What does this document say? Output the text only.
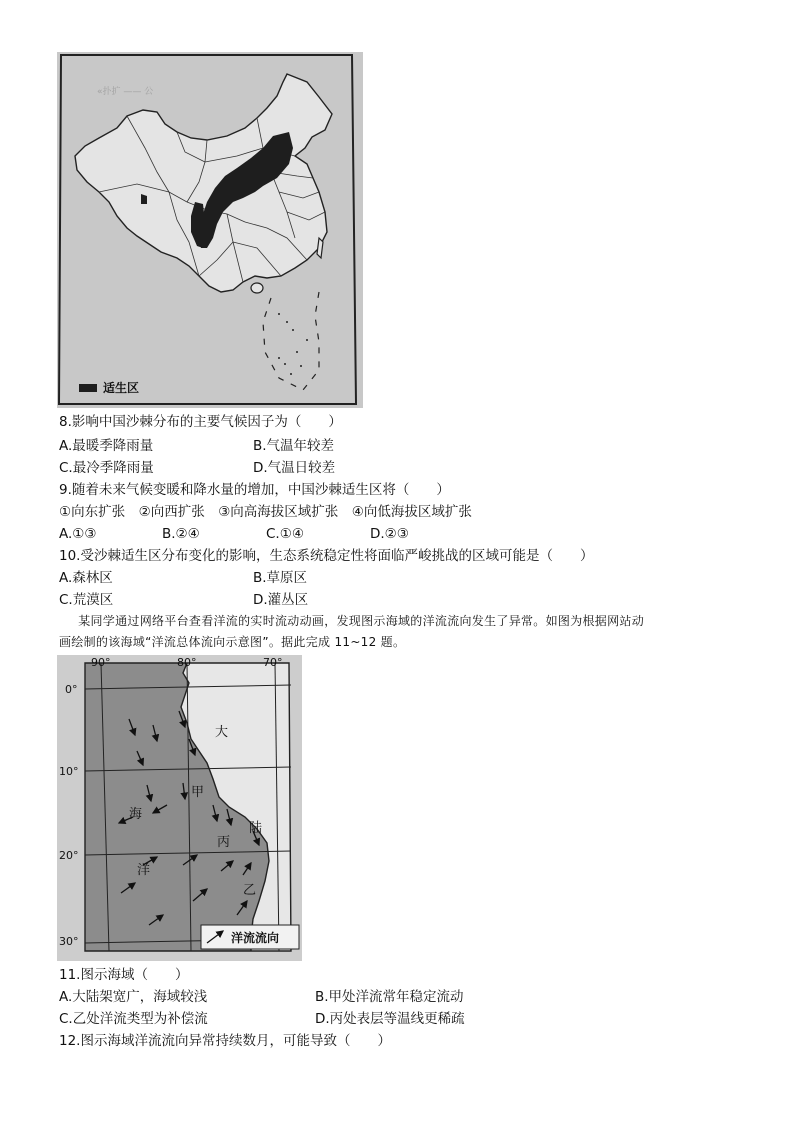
«扑扩 —— 公
适生区
8.影响中国沙棘分布的主要气候因子为（　　）
A.最暖季降雨量	B.气温年较差
C.最冷季降雨量	D.气温日较差
9.随着未来气候变暖和降水量的增加，中国沙棘适生区将（　　）
①向东扩张　②向西扩张　③向高海拔区域扩张　④向低海拔区域扩张
A.①③	B.②④	C.①④	D.②③
10.受沙棘适生区分布变化的影响，生态系统稳定性将面临严峻挑战的区域可能是（　　）
A.森林区	B.草原区
C.荒漠区	D.灌丛区
某同学通过网络平台查看洋流的实时流动动画，发现图示海域的洋流流向发生了异常。如图为根据网站动
画绘制的该海域“洋流总体流向示意图”。据此完成 11~12 题。
90°	80°	70°
0°
10°
20°
30°
大
陆
海
洋
甲
丙
乙
洋流流向
11.图示海域（　　）
A.大陆架宽广，海域较浅	B.甲处洋流常年稳定流动
C.乙处洋流类型为补偿流	D.丙处表层等温线更稀疏
12.图示海域洋流流向异常持续数月，可能导致（　　）
